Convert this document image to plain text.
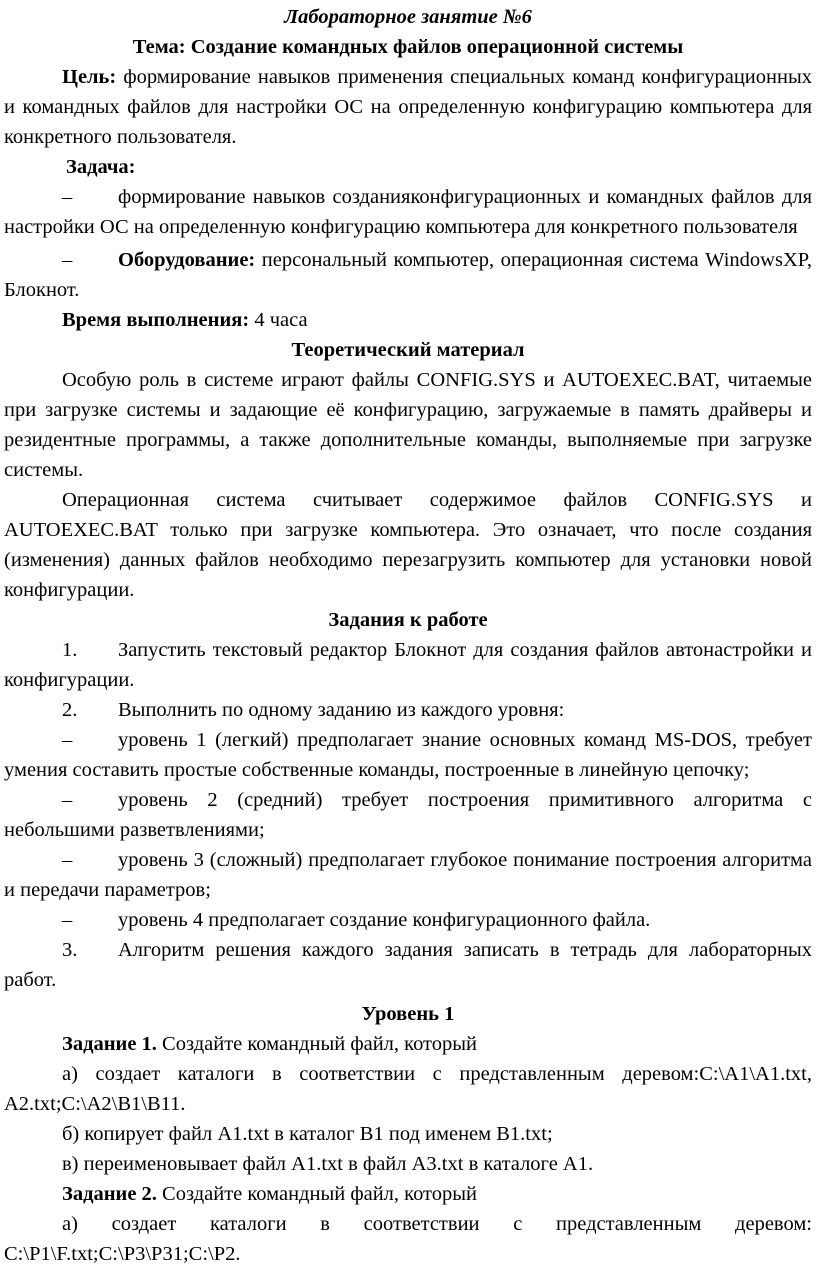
Лабораторное занятие №6
Тема: Создание командных файлов операционной системы

Цель: формирование навыков применения специальных команд конфигурационных и командных файлов для настройки ОС на определенную конфигурацию компьютера для конкретного пользователя.

Задача:

– формирование навыков созданияконфигурационных и командных файлов для настройки ОС на определенную конфигурацию компьютера для конкретного пользователя

– Оборудование: персональный компьютер, операционная система WindowsXP, Блокнот.

Время выполнения: 4 часа

Теоретический материал

Особую роль в системе играют файлы CONFIG.SYS и AUTOEXEC.BAT, читаемые при загрузке системы и задающие её конфигурацию, загружаемые в память драйверы и резидентные программы, а также дополнительные команды, выполняемые при загрузке системы.

Операционная система считывает содержимое файлов CONFIG.SYS и AUTOEXEC.BAT только при загрузке компьютера. Это означает, что после создания (изменения) данных файлов необходимо перезагрузить компьютер для установки новой конфигурации.

Задания к работе

1. Запустить текстовый редактор Блокнот для создания файлов автонастройки и конфигурации.

2. Выполнить по одному заданию из каждого уровня:

– уровень 1 (легкий) предполагает знание основных команд MS-DOS, требует умения составить простые собственные команды, построенные в линейную цепочку;

– уровень 2 (средний) требует построения примитивного алгоритма с небольшими разветвлениями;

– уровень 3 (сложный) предполагает глубокое понимание построения алгоритма и передачи параметров;

– уровень 4 предполагает создание конфигурационного файла.

3. Алгоритм решения каждого задания записать в тетрадь для лабораторных работ.

Уровень 1

Задание 1. Создайте командный файл, который

а) создает каталоги в соответствии с представленным деревом:C:\A1\A1.txt, A2.txt;C:\A2\B1\B11.

б) копирует файл A1.txt в каталог B1 под именем B1.txt;

в) переименовывает файл A1.txt в файл A3.txt в каталоге A1.

Задание 2. Создайте командный файл, который

а) создает каталоги в соответствии с представленным деревом: C:\P1\F.txt;C:\P3\P31;C:\P2.
